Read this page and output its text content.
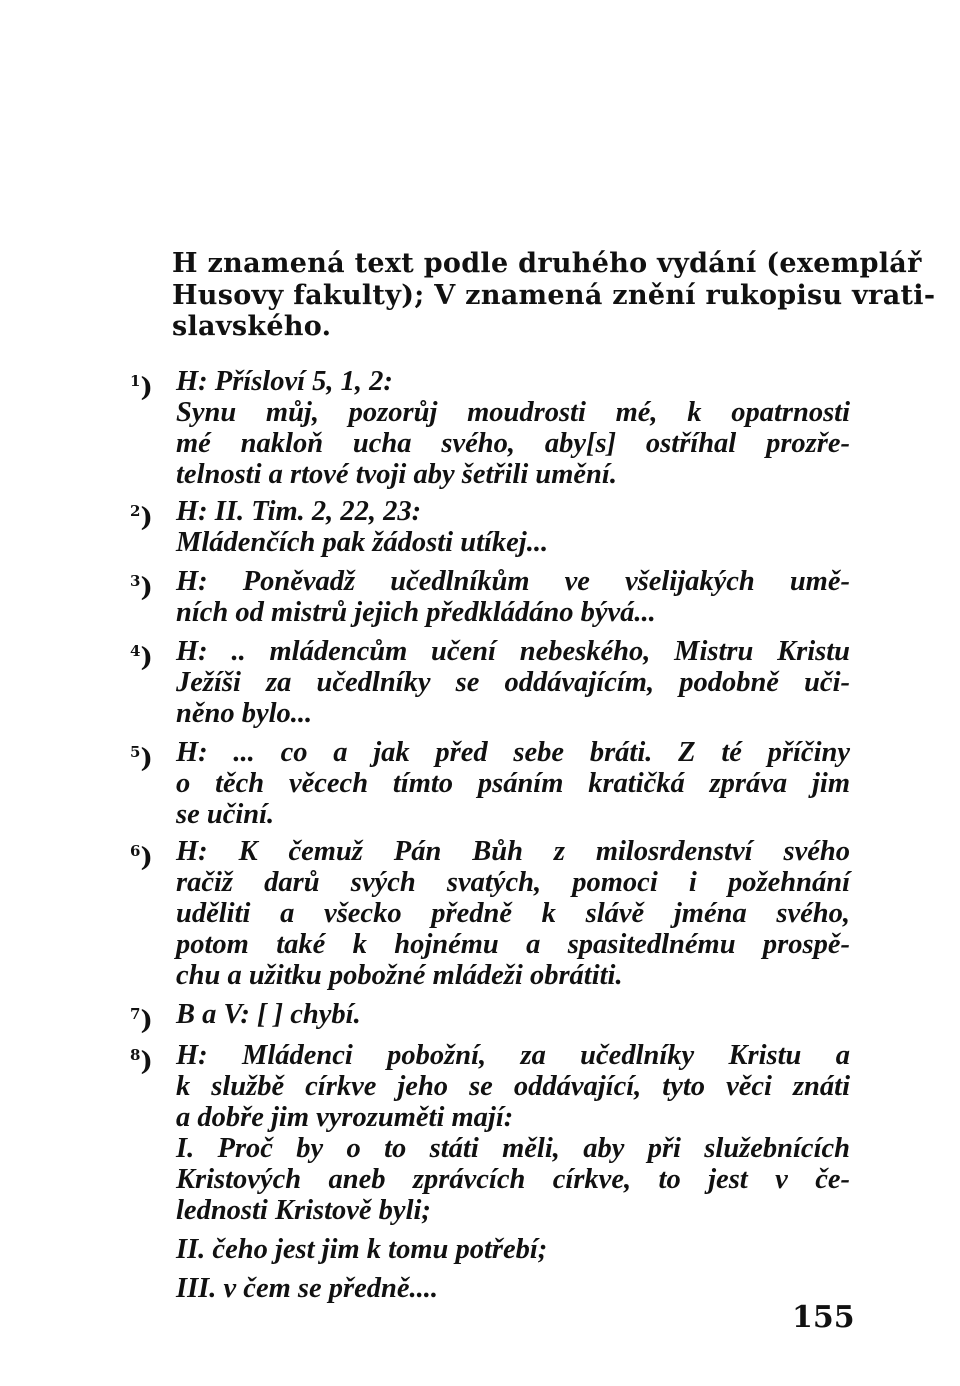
H znamená text podle druhého vydání (exemplář
Husovy fakulty); V znamená znění rukopisu vrati-
slavského.
$^1$) H: Přísloví 5, 1, 2:
Synu můj, pozorůj moudrosti mé, k opatrnosti
mé nakloň ucha svého, aby[s] ostříhal prozře-
telnosti a rtové tvoji aby šetřili umění.
$^2$) H: II. Tim. 2, 22, 23:
Mládenčích pak žádosti utíkej...
$^3$) H: Poněvadž učedlníkům ve všelijakých umě-
ních od mistrů jejich předkládáno bývá...
$^4$) H: .. mládencům učení nebeského, Mistru Kristu
Ježíši za učedlníky se oddávajícím, podobně uči-
něno bylo...
$^5$) H: ... co a jak před sebe bráti. Z té příčiny
o těch věcech tímto psáním kratičká zpráva jim
se učiní.
$^6$) H: K čemuž Pán Bůh z milosrdenství svého
račiž darů svých svatých, pomoci i požehnání
uděliti a všecko předně k slávě jména svého,
potom také k hojnému a spasitedlnému prospě-
chu a užitku pobožné mládeži obrátiti.
$^7$) B a V: [ ] chybí.
$^8$) H: Mládenci pobožní, za učedlníky Kristu a
k službě církve jeho se oddávající, tyto věci znáti
a dobře jim vyrozuměti mají:
I. Proč by o to státi měli, aby při služebnících
Kristových aneb zprávcích církve, to jest v če-
lednosti Kristově byli;
II. čeho jest jim k tomu potřebí;
III. v čem se předně....
155
